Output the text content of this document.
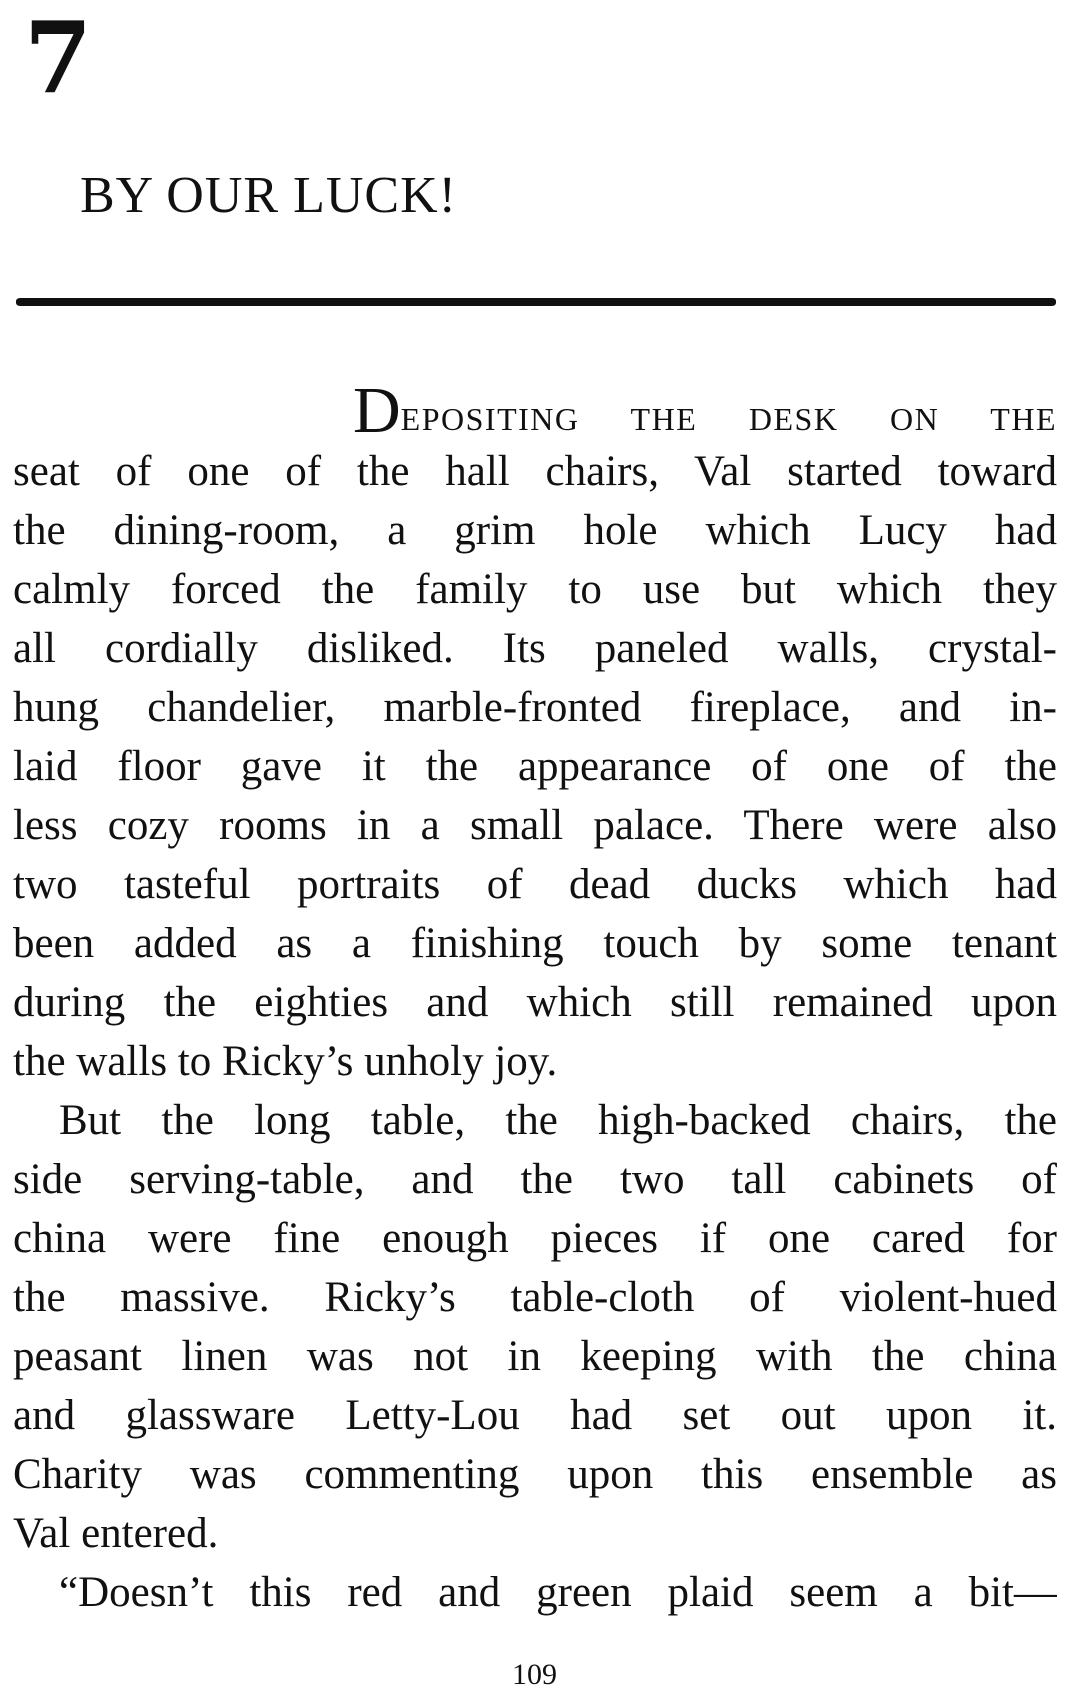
7
BY OUR LUCK!
DEPOSITING THE DESK ON THE
seat of one of the hall chairs, Val started toward
the dining-room, a grim hole which Lucy had
calmly forced the family to use but which they
all cordially disliked. Its paneled walls, crystal-
hung chandelier, marble-fronted fireplace, and in-
laid floor gave it the appearance of one of the
less cozy rooms in a small palace. There were also
two tasteful portraits of dead ducks which had
been added as a finishing touch by some tenant
during the eighties and which still remained upon
the walls to Ricky’s unholy joy.
But the long table, the high-backed chairs, the
side serving-table, and the two tall cabinets of
china were fine enough pieces if one cared for
the massive. Ricky’s table-cloth of violent-hued
peasant linen was not in keeping with the china
and glassware Letty-Lou had set out upon it.
Charity was commenting upon this ensemble as
Val entered.
“Doesn’t this red and green plaid seem a bit—

109
